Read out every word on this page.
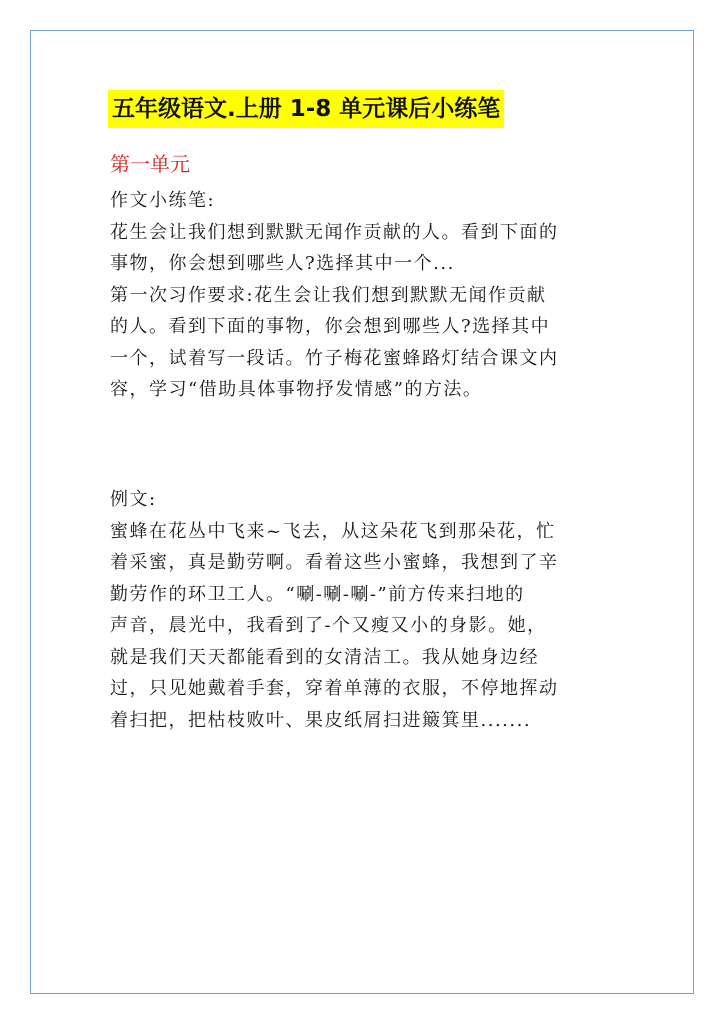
五年级语文.上册 1-8 单元课后小练笔
第一单元
作文小练笔:
花生会让我们想到默默无闻作贡献的人。看到下面的
事物，你会想到哪些人?选择其中一个...
第一次习作要求:花生会让我们想到默默无闻作贡献
的人。看到下面的事物，你会想到哪些人?选择其中
一个，试着写一段话。竹子梅花蜜蜂路灯结合课文内
容，学习“借助具体事物抒发情感”的方法。
例文:
蜜蜂在花丛中飞来~飞去，从这朵花飞到那朵花，忙
着采蜜，真是勤劳啊。看着这些小蜜蜂，我想到了辛
勤劳作的环卫工人。“唰-唰-唰-”前方传来扫地的
声音，晨光中，我看到了-个又瘦又小的身影。她，
就是我们天天都能看到的女清洁工。我从她身边经
过，只见她戴着手套，穿着单薄的衣服，不停地挥动
着扫把，把枯枝败叶、果皮纸屑扫进簸箕里.......
